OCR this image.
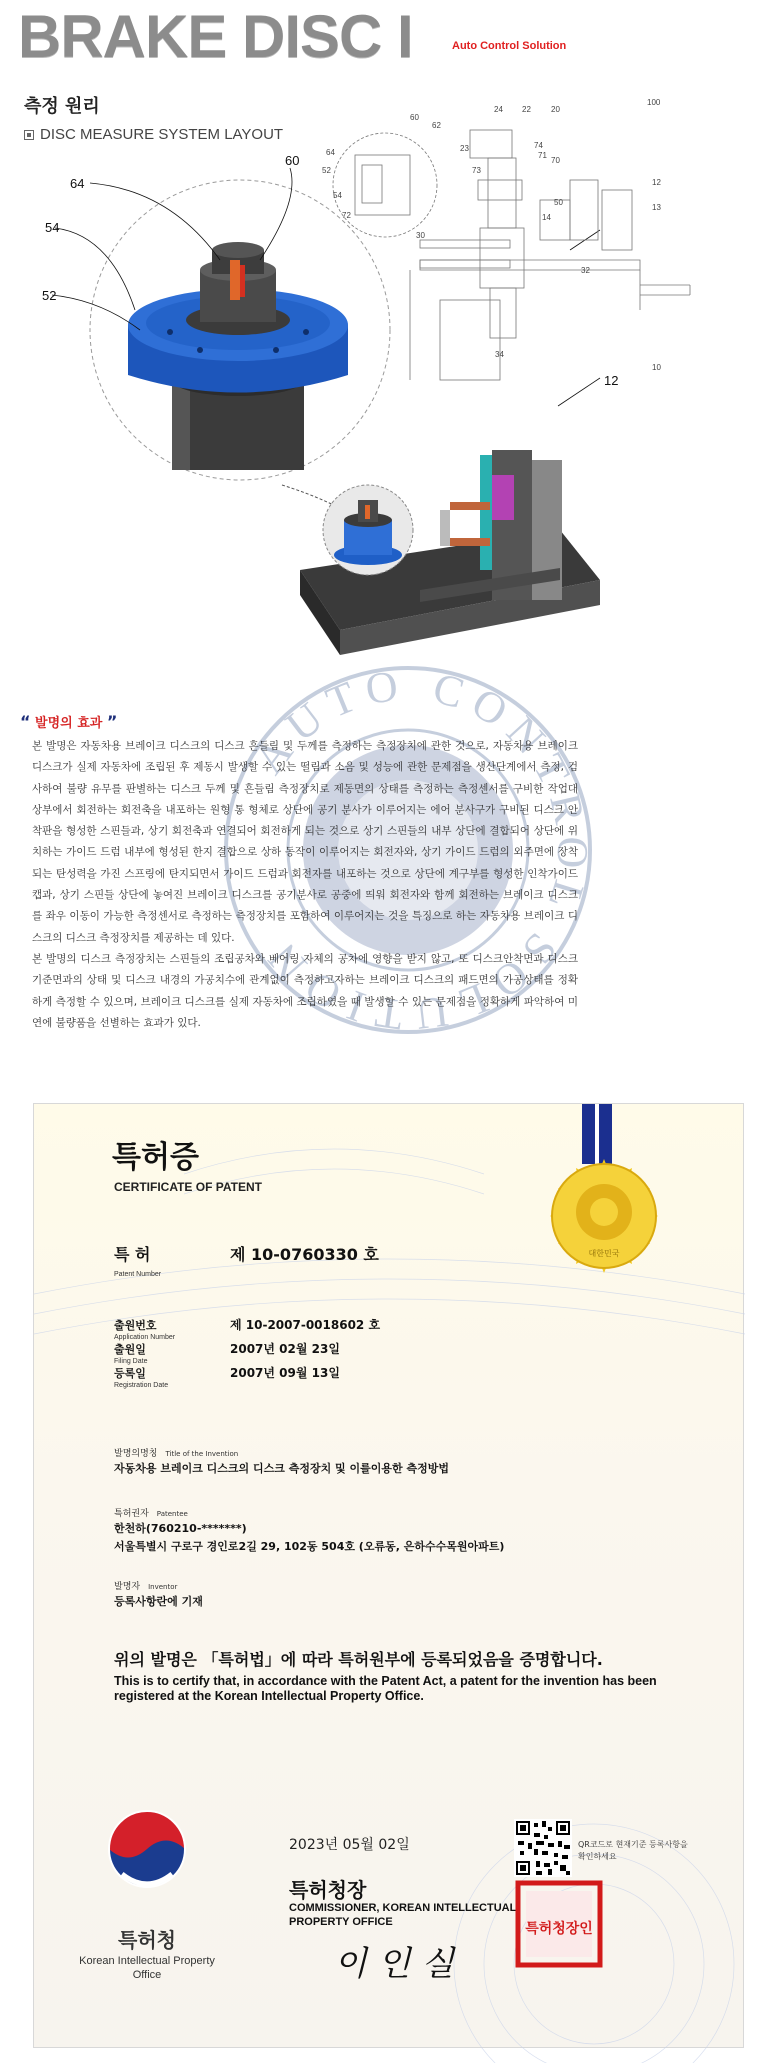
BRAKE DISC I	Auto Control Solution
측정 원리
DISC MEASURE SYSTEM LAYOUT
64
60
54
52
12
100
24 22	20
60
62
64
52
54
72
23	74
71
70
73
50
14
12
13
30
32
34
10
AUTO CONTROL SOLUTION
“ 발명의 효과 ”

본 발명은 자동차용 브레이크 디스크의 디스크 흔들림 및 두께를 측정하는 측정장치에 관한 것으로, 자동차용 브레이크 디스크가 실제 자동차에 조립된 후 제동시 발생할 수 있는 떨림과 소음 및 성능에 관한 문제점을 생산단계에서 측정, 검사하여 불량 유무를 판별하는 디스크 두께 및 흔들림 측정장치로 제동면의 상태를 측정하는 측정센서를 구비한 작업대 상부에서 회전하는 회전축을 내포하는 원형 통 형체로 상단에 공기 분사가 이루어지는 에어 분사구가 구비된 디스크 안착판을 형성한 스핀들과, 상기 회전축과 연결되어 회전하게 되는 것으로 상기 스핀들의 내부 상단에 결합되어 상단에 위치하는 가이드 드럼 내부에 형성된 한지 결합으로 상하 동작이 이루어지는 회전자와, 상기 가이드 드럼의 외주면에 장착되는 탄성력을 가진 스프링에 탄지되면서 가이드 드럼과 회전자를 내포하는 것으로 상단에 계구부를 형성한 인착가이드 캡과, 상기 스핀들 상단에 놓여진 브레이크 디스크를 공기분사로 공중에 띄워 회전자와 함께 회전하는 브레이크 디스크를 좌우 이동이 가능한 측정센서로 측정하는 측정장치를 포함하여 이루어지는 것을 특징으로 하는 자동차용 브레이크 디스크의 디스크 측정장치를 제공하는 데 있다.

본 발명의 디스크 측정장치는 스핀들의 조립공차와 베어링 자체의 공차에 영향을 받지 않고, 또 디스크안착면과 디스크 기준면과의 상태 및 디스크 내경의 가공치수에 관계없이 측정하고자하는 브레이크 디스크의 패드면의 가공상태를 정확하게 측정할 수 있으며, 브레이크 디스크를 실제 자동차에 조립하였을 때 발생할 수 있는 문제점을 정확하게 파악하여 미연에 불량품을 선별하는 효과가 있다.

대한민국
특허증
CERTIFICATE OF PATENT
특 허
Patent Number
제 10-0760330 호
출원번호
Application Number
제 10-2007-0018602 호
출원일
Filing Date
2007년 02월 23일
등록일
Registration Date
2007년 09월 13일
발명의명칭 Title of the Invention
자동차용 브레이크 디스크의 디스크 측정장치 및 이를이용한 측정방법
특허권자 Patentee
한천하(760210-*******)
서울특별시 구로구 경인로2길 29, 102동 504호 (오류동, 은하수수목원아파트)
발명자 Inventor
등록사항란에 기재
위의 발명은 「특허법」에 따라 특허원부에 등록되었음을 증명합니다.
This is to certify that, in accordance with the Patent Act, a patent for the invention has been registered at the Korean Intellectual Property Office.
특허청
Korean Intellectual Property Office
2023년 05월 02일	QR코드로 현재기준 등록사항을 확인하세요
특허청장
COMMISSIONER, KOREAN INTELLECTUAL PROPERTY OFFICE
이 인 실
특허청장인
